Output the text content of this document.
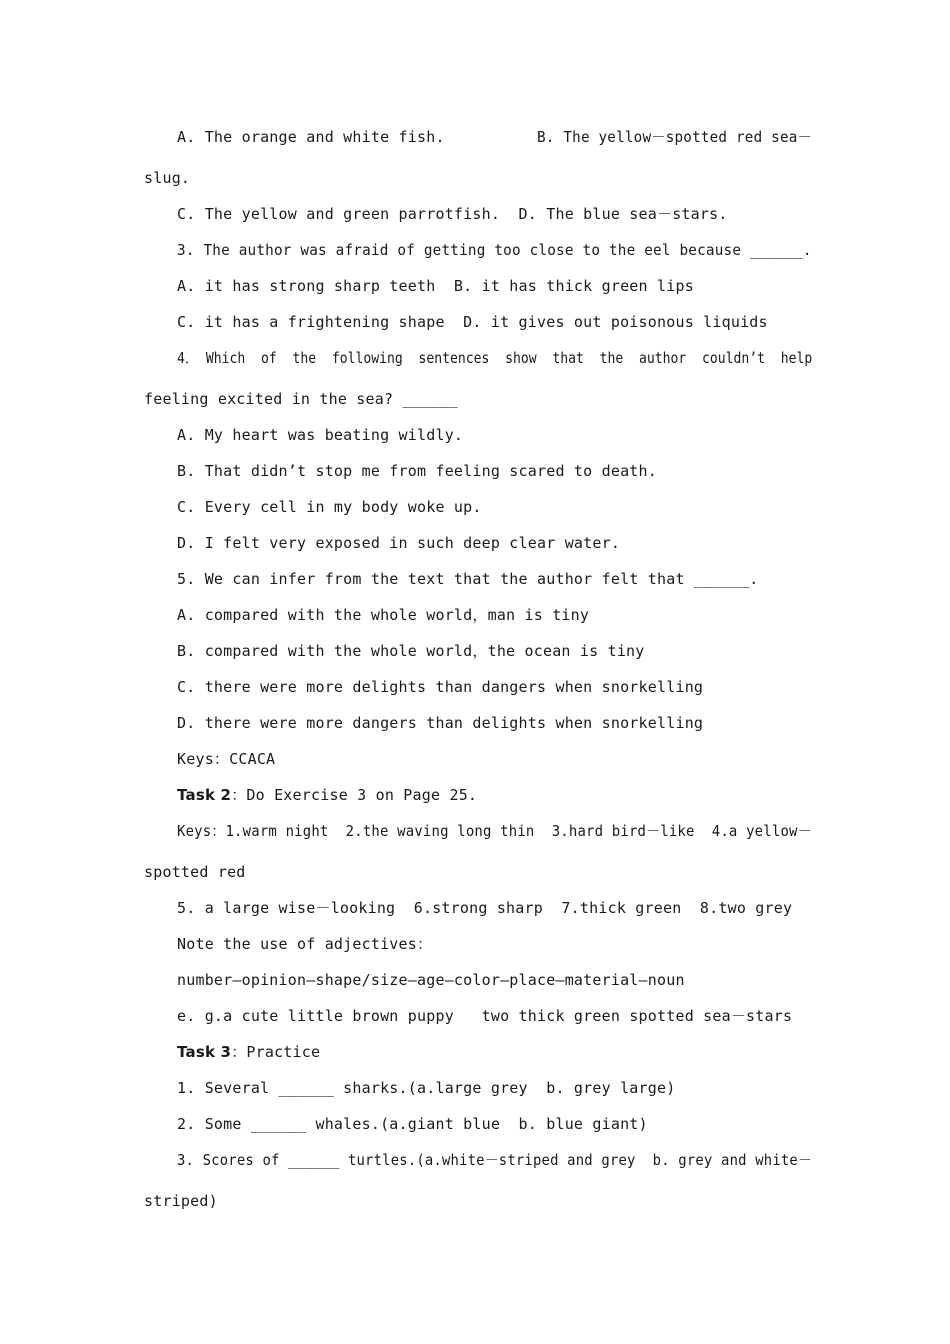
A. The orange and white fish.	B. The yellow－spotted red sea－
slug.
C. The yellow and green parrotfish.  D. The blue sea－stars.
3. The author was afraid of getting too close to the eel because ______.
A. it has strong sharp teeth  B. it has thick green lips
C. it has a frightening shape  D. it gives out poisonous liquids
4． Which  of  the  following  sentences  show  that  the  author  couldn’t  help
feeling excited in the sea? ______
A. My heart was beating wildly.
B. That didn’t stop me from feeling scared to death.
C. Every cell in my body woke up.
D. I felt very exposed in such deep clear water.
5. We can infer from the text that the author felt that ______.
A. compared with the whole world，man is tiny
B. compared with the whole world，the ocean is tiny
C. there were more delights than dangers when snorkelling
D. there were more dangers than delights when snorkelling
Keys：CCACA
Task 2：Do Exercise 3 on Page 25.
Keys：1.warm night  2.the waving long thin  3.hard bird－like  4.a yellow－
spotted red
5. a large wise－looking  6.strong sharp  7.thick green  8.two grey
Note the use of adjectives：
number—opinion—shape/size—age—color—place—material—noun
e. g.a cute little brown puppy   two thick green spotted sea－stars
Task 3：Practice
1. Several ______ sharks.(a.large grey  b. grey large)
2. Some ______ whales.(a.giant blue  b. blue giant)
3. Scores of ______ turtles.(a.white－striped and grey  b. grey and white－
striped)
